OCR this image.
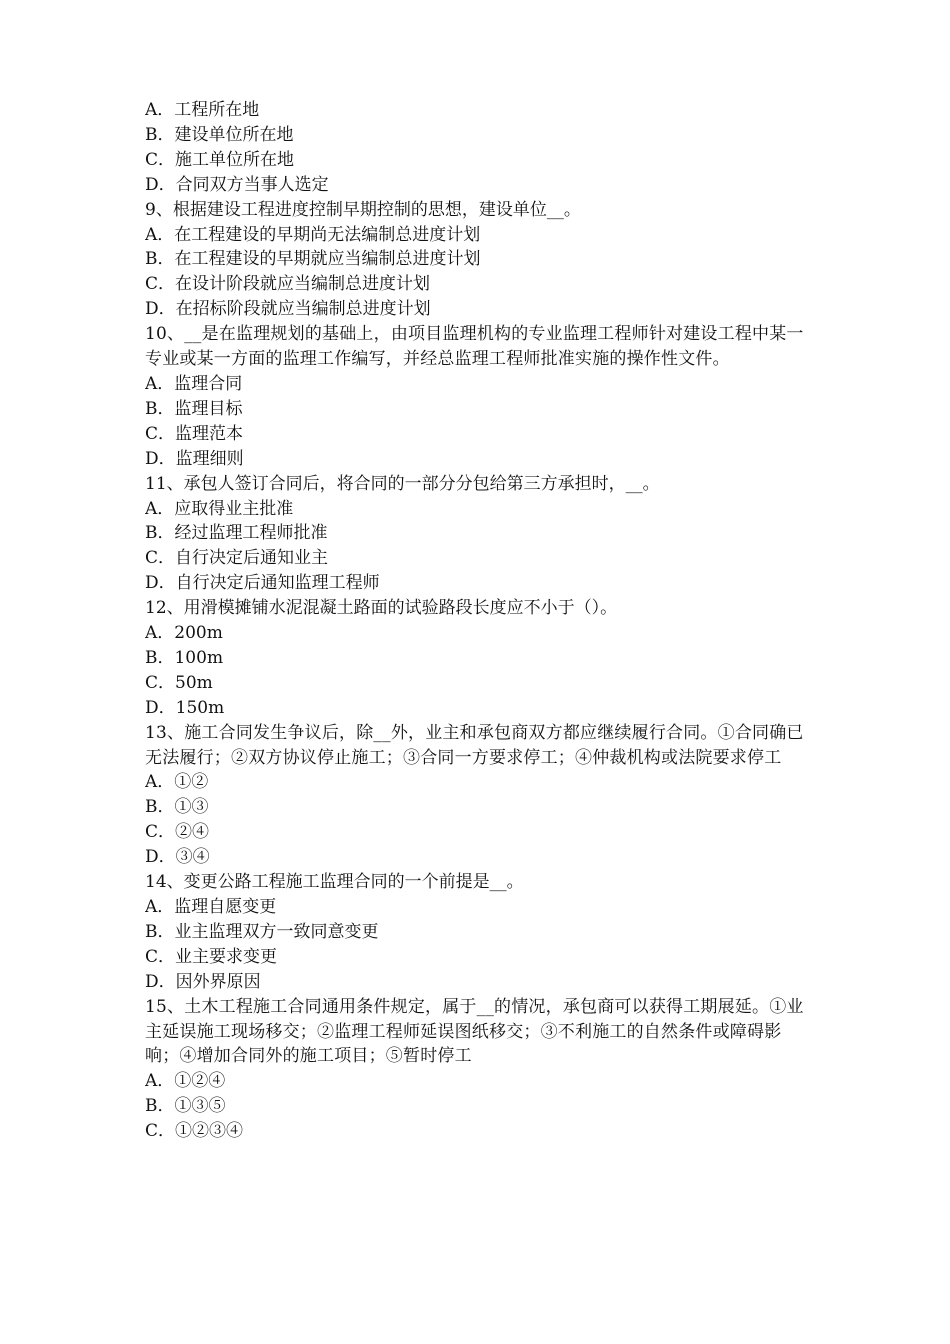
A．工程所在地
B．建设单位所在地
C．施工单位所在地
D．合同双方当事人选定
9、根据建设工程进度控制早期控制的思想，建设单位__。
A．在工程建设的早期尚无法编制总进度计划
B．在工程建设的早期就应当编制总进度计划
C．在设计阶段就应当编制总进度计划
D．在招标阶段就应当编制总进度计划
10、__是在监理规划的基础上，由项目监理机构的专业监理工程师针对建设工程中某一专业或某一方面的监理工作编写，并经总监理工程师批准实施的操作性文件。
A．监理合同
B．监理目标
C．监理范本
D．监理细则
11、承包人签订合同后，将合同的一部分分包给第三方承担时，__。
A．应取得业主批准
B．经过监理工程师批准
C．自行决定后通知业主
D．自行决定后通知监理工程师
12、用滑模摊铺水泥混凝土路面的试验路段长度应不小于（）。
A．200m
B．100m
C．50m
D．150m
13、施工合同发生争议后，除__外，业主和承包商双方都应继续履行合同。①合同确已无法履行；②双方协议停止施工；③合同一方要求停工；④仲裁机构或法院要求停工
A．①②
B．①③
C．②④
D．③④
14、变更公路工程施工监理合同的一个前提是__。
A．监理自愿变更
B．业主监理双方一致同意变更
C．业主要求变更
D．因外界原因
15、土木工程施工合同通用条件规定，属于__的情况，承包商可以获得工期展延。①业主延误施工现场移交；②监理工程师延误图纸移交；③不利施工的自然条件或障碍影响；④增加合同外的施工项目；⑤暂时停工
A．①②④
B．①③⑤
C．①②③④
